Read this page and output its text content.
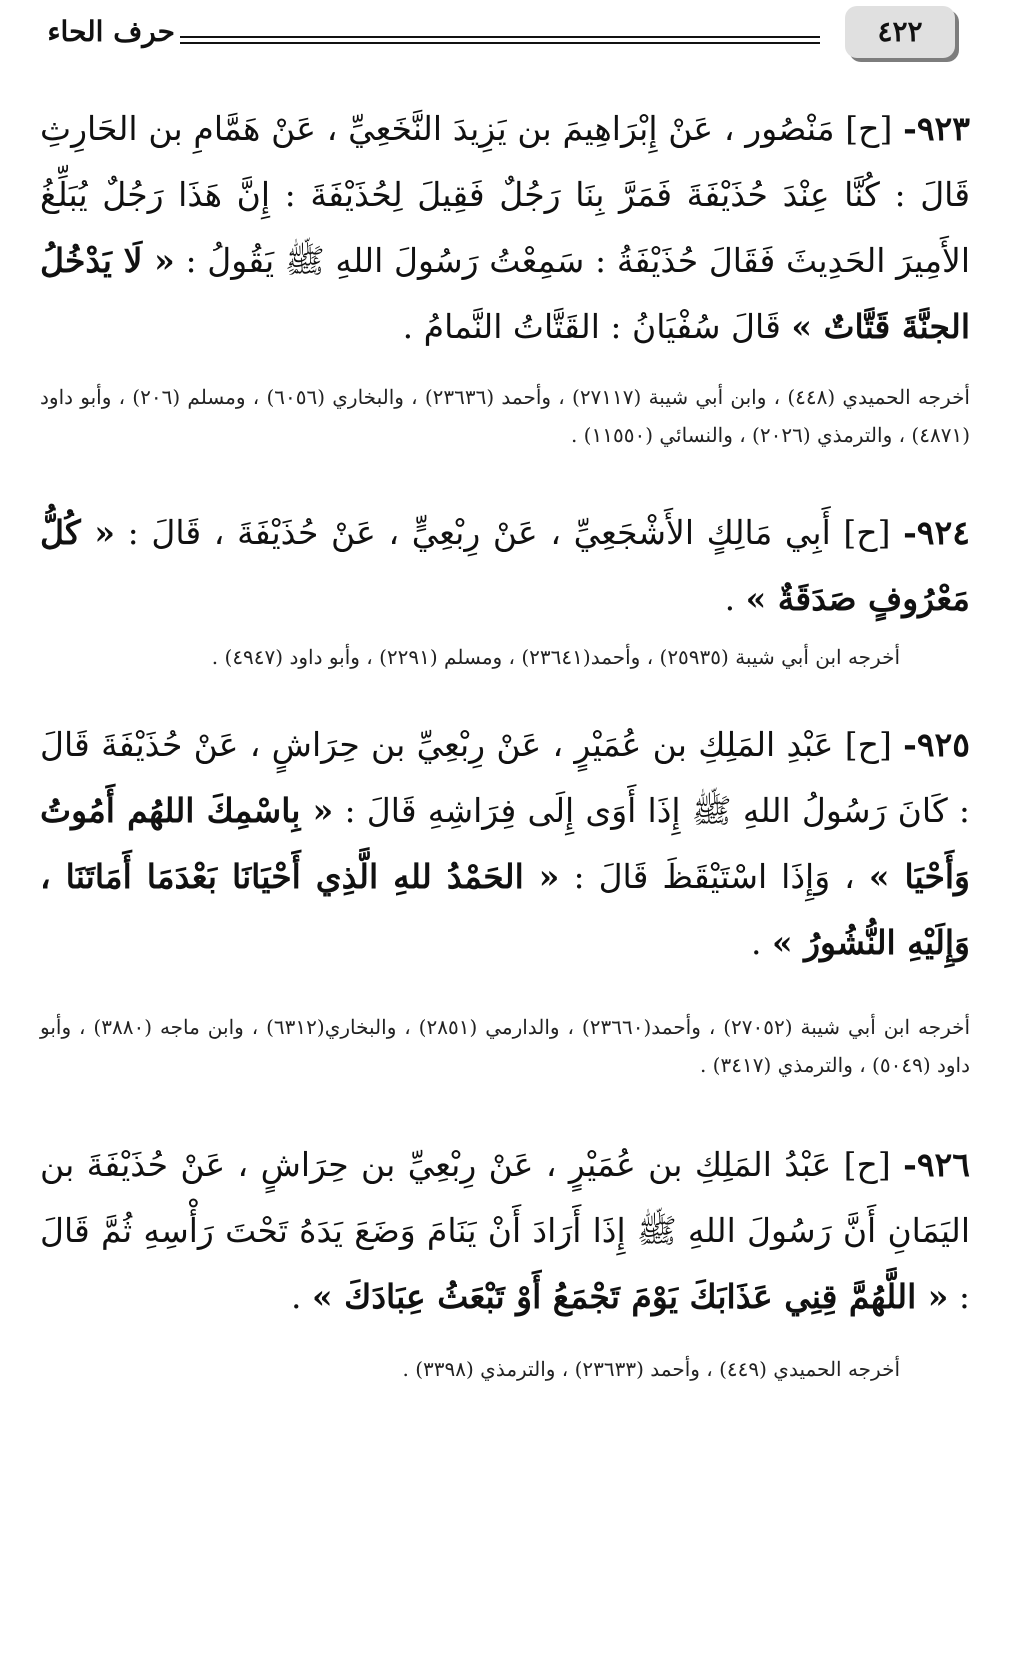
٤٢٢
حرف الحاء
٩٢٣- [ح] مَنْصُور ، عَنْ إِبْرَاهِيمَ بن يَزِيدَ النَّخَعِيِّ ، عَنْ هَمَّامِ بن الحَارِثِ قَالَ : كُنَّا عِنْدَ حُذَيْفَةَ فَمَرَّ بِنَا رَجُلٌ فَقِيلَ لِحُذَيْفَةَ : إِنَّ هَذَا رَجُلٌ يُبَلِّغُ الأَمِيرَ الحَدِيثَ فَقَالَ حُذَيْفَةُ : سَمِعْتُ رَسُولَ اللهِ ﷺ يَقُولُ : « لَا يَدْخُلُ الجنَّةَ قَتَّاتٌ » قَالَ سُفْيَانُ : القَتَّاتُ النَّمامُ .
أخرجه الحميدي (٤٤٨) ، وابن أبي شيبة (٢٧١١٧) ، وأحمد (٢٣٦٣٦) ، والبخاري (٦٠٥٦) ، ومسلم (٢٠٦) ، وأبو داود (٤٨٧١) ، والترمذي (٢٠٢٦) ، والنسائي (١١٥٥٠) .
٩٢٤- [ح] أَبِي مَالِكٍ الأَشْجَعِيِّ ، عَنْ رِبْعِيٍّ ، عَنْ حُذَيْفَةَ ، قَالَ : « كُلُّ مَعْرُوفٍ صَدَقَةٌ » .
أخرجه ابن أبي شيبة (٢٥٩٣٥) ، وأحمد(٢٣٦٤١) ، ومسلم (٢٢٩١) ، وأبو داود (٤٩٤٧) .
٩٢٥- [ح] عَبْدِ المَلِكِ بن عُمَيْرٍ ، عَنْ رِبْعِيِّ بن حِرَاشٍ ، عَنْ حُذَيْفَةَ قَالَ : كَانَ رَسُولُ اللهِ ﷺ إِذَا أَوَى إِلَى فِرَاشِهِ قَالَ : « بِاسْمِكَ اللهُم أَمُوتُ وَأَحْيَا » ، وَإِذَا اسْتَيْقَظَ قَالَ : « الحَمْدُ للهِ الَّذِي أَحْيَانَا بَعْدَمَا أَمَاتَنَا ، وَإِلَيْهِ النُّشُورُ » .
أخرجه ابن أبي شيبة (٢٧٠٥٢) ، وأحمد(٢٣٦٦٠) ، والدارمي (٢٨٥١) ، والبخاري(٦٣١٢) ، وابن ماجه (٣٨٨٠) ، وأبو داود (٥٠٤٩) ، والترمذي (٣٤١٧) .
٩٢٦- [ح] عَبْدُ المَلِكِ بن عُمَيْرٍ ، عَنْ رِبْعِيِّ بن حِرَاشٍ ، عَنْ حُذَيْفَةَ بن اليَمَانِ أَنَّ رَسُولَ اللهِ ﷺ إِذَا أَرَادَ أَنْ يَنَامَ وَضَعَ يَدَهُ تَحْتَ رَأْسِهِ ثُمَّ قَالَ : « اللَّهُمَّ قِنِي عَذَابَكَ يَوْمَ تَجْمَعُ أَوْ تَبْعَثُ عِبَادَكَ » .
أخرجه الحميدي (٤٤٩) ، وأحمد (٢٣٦٣٣) ، والترمذي (٣٣٩٨) .
